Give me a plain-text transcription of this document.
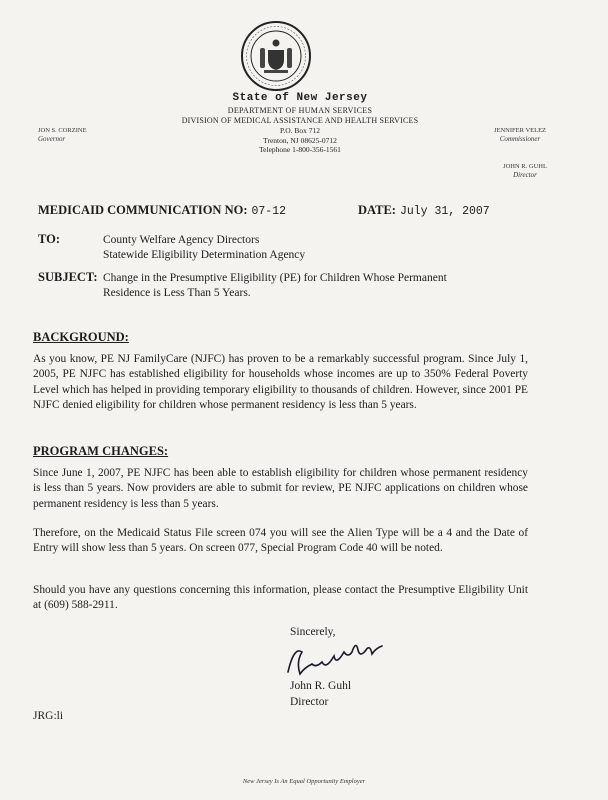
State of New Jersey
DEPARTMENT OF HUMAN SERVICES
DIVISION OF MEDICAL ASSISTANCE AND HEALTH SERVICES
P.O. Box 712
Trenton, NJ 08625-0712
Telephone 1-800-356-1561
JON S. CORZINE
Governor
JENNIFER VELEZ
Commissioner
JOHN R. GUHL
Director
MEDICAID COMMUNICATION NO: 07-12	DATE: July 31, 2007
TO:	County Welfare Agency Directors
Statewide Eligibility Determination Agency
SUBJECT: Change in the Presumptive Eligibility (PE) for Children Whose Permanent
Residence is Less Than 5 Years.
BACKGROUND:
As you know, PE NJ FamilyCare (NJFC) has proven to be a remarkably successful program. Since July 1, 2005, PE NJFC has established eligibility for households whose incomes are up to 350% Federal Poverty Level which has helped in providing temporary eligibility to thousands of children. However, since 2001 PE NJFC denied eligibility for children whose permanent residency is less than 5 years.
PROGRAM CHANGES:
Since June 1, 2007, PE NJFC has been able to establish eligibility for children whose permanent residency is less than 5 years. Now providers are able to submit for review, PE NJFC applications on children whose permanent residency is less than 5 years.
Therefore, on the Medicaid Status File screen 074 you will see the Alien Type will be a 4 and the Date of Entry will show less than 5 years. On screen 077, Special Program Code 40 will be noted.
Should you have any questions concerning this information, please contact the Presumptive Eligibility Unit at (609) 588-2911.
Sincerely,
John R. Guhl
Director
JRG:li
New Jersey Is An Equal Opportunity Employer
